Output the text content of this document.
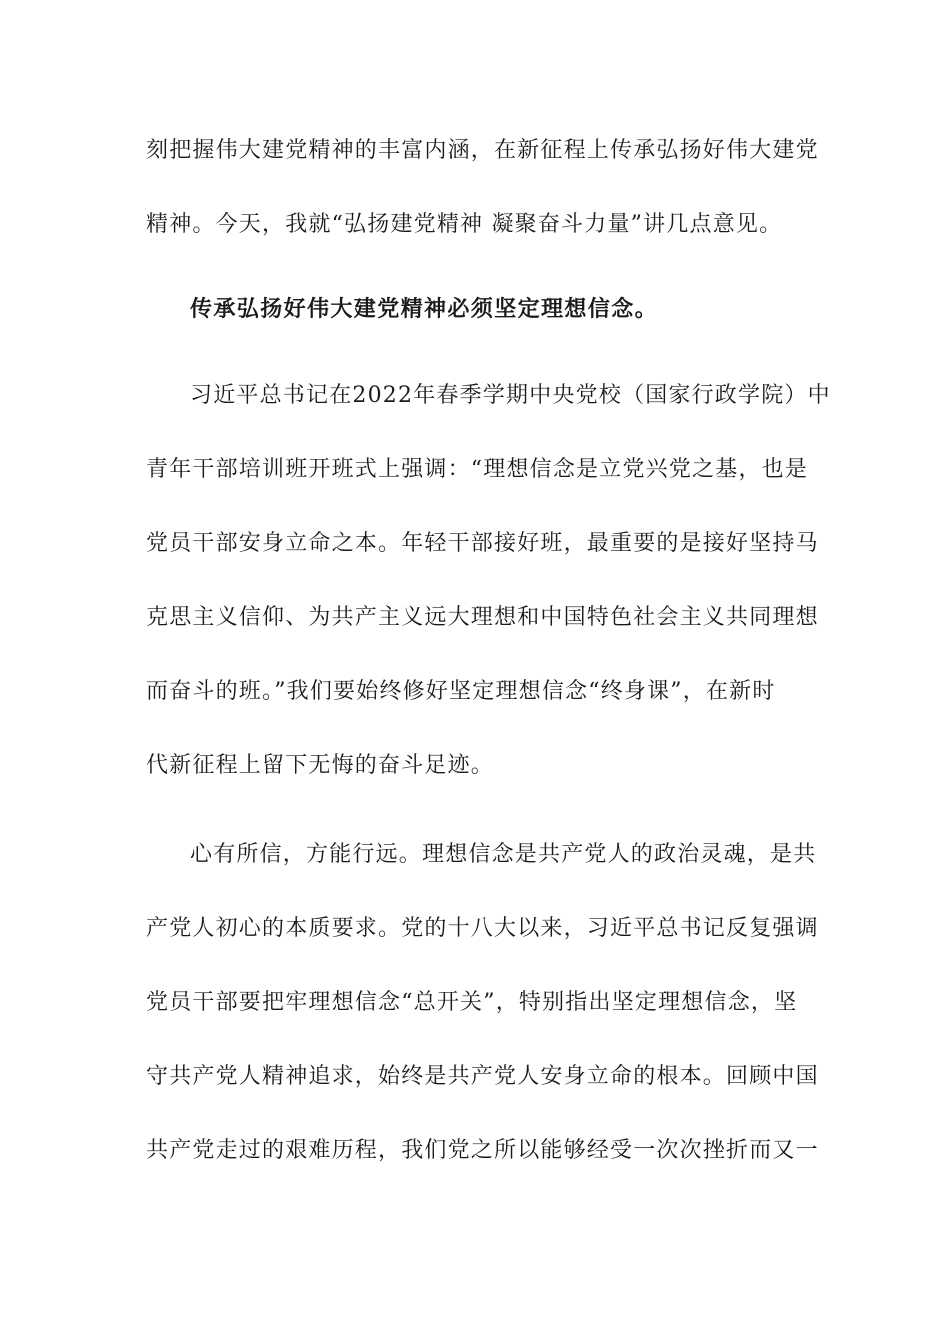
刻把握伟大建党精神的丰富内涵，在新征程上传承弘扬好伟大建党
精神。今天，我就“弘扬建党精神 凝聚奋斗力量”讲几点意见。
传承弘扬好伟大建党精神必须坚定理想信念。
习近平总书记在2022年春季学期中央党校（国家行政学院）中
青年干部培训班开班式上强调：“理想信念是立党兴党之基，也是
党员干部安身立命之本。年轻干部接好班，最重要的是接好坚持马
克思主义信仰、为共产主义远大理想和中国特色社会主义共同理想
而奋斗的班。”我们要始终修好坚定理想信念“终身课”，在新时
代新征程上留下无悔的奋斗足迹。
心有所信，方能行远。理想信念是共产党人的政治灵魂，是共
产党人初心的本质要求。党的十八大以来，习近平总书记反复强调
党员干部要把牢理想信念“总开关”，特别指出坚定理想信念，坚
守共产党人精神追求，始终是共产党人安身立命的根本。回顾中国
共产党走过的艰难历程，我们党之所以能够经受一次次挫折而又一
